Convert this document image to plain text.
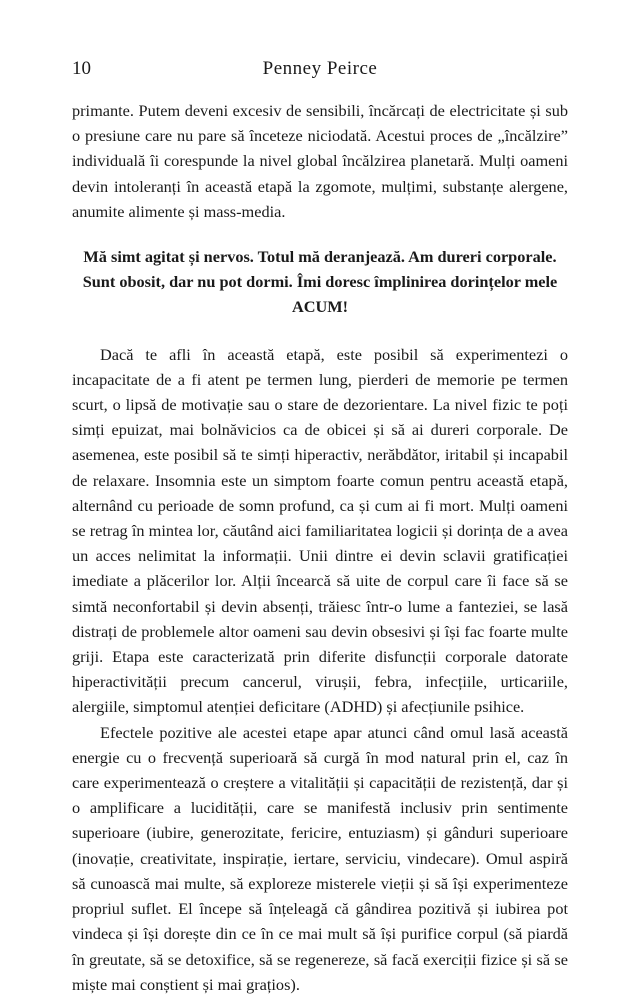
10	Penney Peirce

primante. Putem deveni excesiv de sensibili, încărcați de electricitate și sub o presiune care nu pare să înceteze niciodată. Acestui proces de „încălzire” individuală îi corespunde la nivel global încălzirea planetară. Mulți oameni devin intoleranți în această etapă la zgomote, mulțimi, substanțe alergene, anumite alimente și mass-media.

Mă simt agitat și nervos. Totul mă deranjează. Am dureri corporale. Sunt obosit, dar nu pot dormi. Îmi doresc împlinirea dorințelor mele ACUM!

Dacă te afli în această etapă, este posibil să experimentezi o incapacitate de a fi atent pe termen lung, pierderi de memorie pe termen scurt, o lipsă de motivație sau o stare de dezorientare. La nivel fizic te poți simți epuizat, mai bolnăvicios ca de obicei și să ai dureri corporale. De asemenea, este posibil să te simți hiperactiv, nerăbdător, iritabil și incapabil de relaxare. Insomnia este un simptom foarte comun pentru această etapă, alternând cu perioade de somn profund, ca și cum ai fi mort. Mulți oameni se retrag în mintea lor, căutând aici familiaritatea logicii și dorința de a avea un acces nelimitat la informații. Unii dintre ei devin sclavii gratificației imediate a plăcerilor lor. Alții încearcă să uite de corpul care îi face să se simtă neconfortabil și devin absenți, trăiesc într-o lume a fanteziei, se lasă distrați de problemele altor oameni sau devin obsesivi și își fac foarte multe griji. Etapa este caracterizată prin diferite disfuncții corporale datorate hiperactivității precum cancerul, virușii, febra, infecțiile, urticariile, alergiile, simptomul atenției deficitare (ADHD) și afecțiunile psihice.

Efectele pozitive ale acestei etape apar atunci când omul lasă această energie cu o frecvență superioară să curgă în mod natural prin el, caz în care experimentează o creștere a vitalității și capacității de rezistență, dar și o amplificare a lucidității, care se manifestă inclusiv prin sentimente superioare (iubire, generozitate, fericire, entuziasm) și gânduri superioare (inovație, creativitate, inspirație, iertare, serviciu, vindecare). Omul aspiră să cunoască mai multe, să exploreze misterele vieții și să își experimenteze propriul suflet. El începe să înțeleagă că gândirea pozitivă și iubirea pot vindeca și își dorește din ce în ce mai mult să își purifice corpul (să piardă în greutate, să se detoxifice, să se regenereze, să facă exerciții fizice și să se miște mai conștient și mai grațios).
